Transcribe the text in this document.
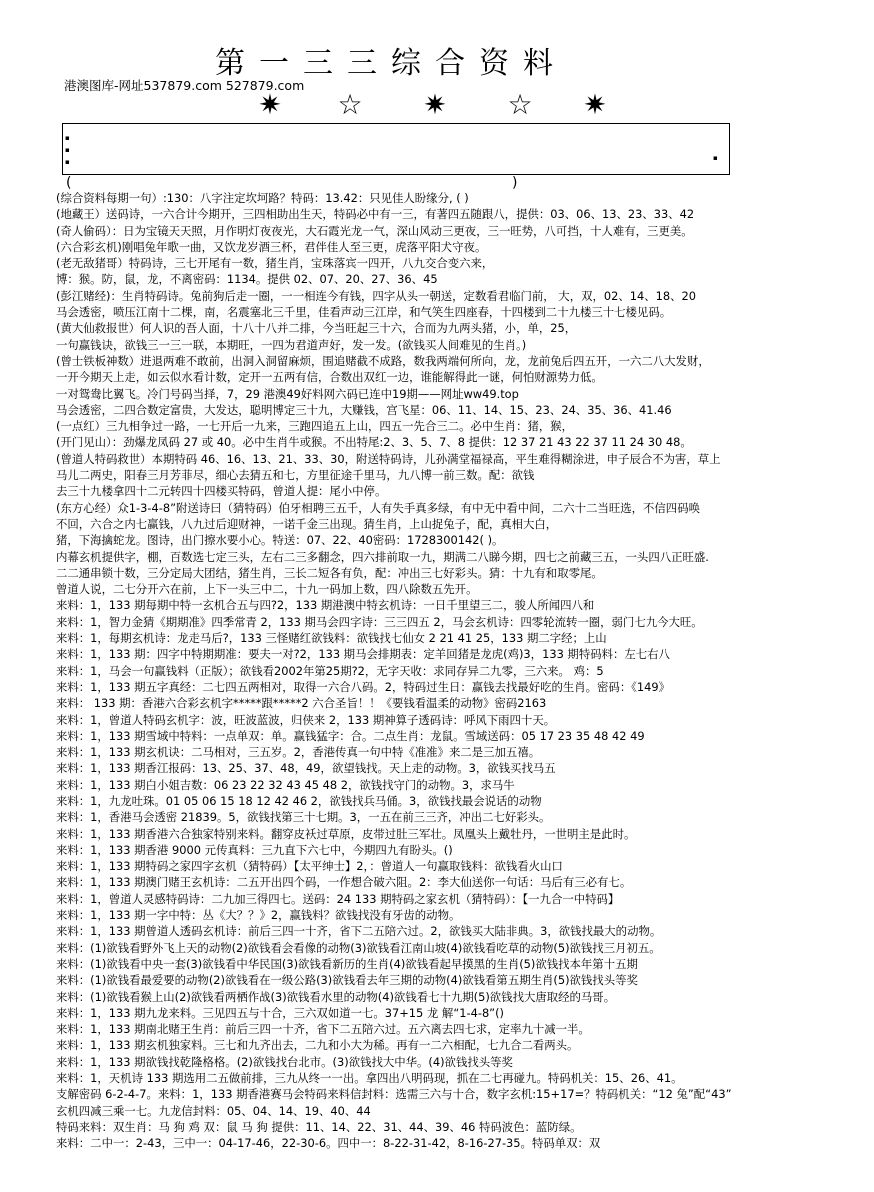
第一三三综合资料
港澳图库-网址537879.com 527879.com
✷ ☆ ✷ ☆ ✷
▪
▪
▪	▪
(	)
(综合资料每期一句）:130：八字注定坎坷路？特码：13.42：只见佳人盼缘分, ( )
(地藏王）送码诗，一六合计今期开，三四相助出生天，特码必中有一三，有著四五随跟八，提供：03、06、13、23、33、42
(奇人偷码）：日为宝镜天天照，月作明灯夜夜光，大石霞光龙一气，深山风动三更夜，三一旺势，八可挡，十人难有，三更美。
(六合彩玄机)刚唱兔年歌一曲，又饮龙岁酒三杯，君伴佳人至三更，虎落平阳犬守夜。
(老无敌猪哥）特码诗，三七开尾有一数，猪生肖，宝珠落宾一四开，八九交合变六来，
博：猴。防，鼠，龙，不离密码：1134。提供 02、07、20、27、36、45
(彭江赌经)：生肖特码诗。兔前狗后走一圈，一一相连今有钱，四字从头一朝送，定数看君临门前， 大，双，02、14、18、20
马会透密，喷压江南十二棵，南，名震塞北三千里，佳看声动三江岸，和气笑生四座春，十四楼到二十九楼三十七楼见码。
(黄大仙救报世）何人识的吾人面，十八十八并二排，今当旺起三十六，合而为九两头猪，小，单，25，
一句赢钱诀，欲钱三一三一联，本期旺，一四为君道声好，发一发。(欲钱买人间难见的生肖。)
(曾士铁板神数）进退两难不敢前，出洞入洞留麻烦，围追赌截不成路，数我两端何所向，龙，龙前兔后四五开，一六二八大发财，
一开今期天上走，如云似水看计数，定开一五两有信，合数出双红一边，谁能解得此一谜，何怕财源势力低。
一对鸳鸯比翼飞。冷门号码当择，7，29 港澳49好料网六码已连中19期——网址ww49.top
马会透密，二四合数定富贵，大发达，聪明博定三十九，大赚钱，宫飞星：06、11、14、15、23、24、35、36、41.46
(一点红）三九相争过一路，一七开后一九来，三跑四追五上山，四五一先合三二。必中生肖：猪，猴，
(开门见山）：劲爆龙凤码 27 或 40。必中生肖牛或猴。不出特尾:2、3、5、7、8 提供：12 37 21 43 22 37 11 24 30 48。
(曾道人特码救世）本期特码 46、16、13、21、33、30，附送特码诗，儿孙满堂福禄高，平生难得糊涂进，申子辰合不为害，草上
马儿二两史，阳春三月芳菲尽，细心去猜五和七，方里征途千里马，九八博一前三数。配：欲钱
去三十九楼拿四十二元转四十四楼买特码，曾道人提：尾小中停。
(东方心经）众1-3-4-8”附送诗曰（猜特码）伯牙相聘三五千，人有失手真多绿，有中无中看中间，二六十二当旺选，不信四码唤
不回，六合之内七赢钱，八九过后迎财神，一诺千金三出现。猜生肖，上山捉兔子，配，真相大白，
猪，下海擒蛇龙。图诗，出门擦水要小心。特送：07、22、40密码：1728300142( )。
内幕玄机提供字，棚，百数选七定三头，左右二三多翻念，四六排前取一九，期满二八睇今期，四七之前藏三五，一头四八正旺盛.
二二通串锁十数，三分定局大团结，猪生肖，三长二短各有负，配：冲出三七好彩头。猜：十九有和取零尾。
曾道人说，二七分开六在前，上下一头三中二，十九一码加上数，四八除数五先开。
来料：1，133 期每期中特一玄机合五与四?2，133 期港澳中特玄机诗：一日千里望三二，骏人所闻四八和
来料：1，智力金猜《期期准》四季常青 2，133 期马会四字诗：三三四五 2，马会玄机诗：四零轮流转一圈，弱门七九今大旺。
来料：1，每期玄机诗：龙走马后?，133 三怪赌红欲钱料：欲钱找七仙女 2 21 41 25，133 期二字经；上山
来料：1，133 期：四字中特期期准：要夫一对?2，133 期马会排期表：定羊回猪是龙虎(鸡)3，133 期特码料：左七右八
来料：1，马会一句赢钱料（正版）；欲钱看2002年第25期?2，无字天收：求同存异二九零，三六来。 鸡：5
来料：1，133 期五字真经：二七四五两相对，取得一六合八码。2，特码过生日：赢钱去找最好吃的生肖。密码：《149》
来料： 133 期：香港六合彩玄机字*****跟*****2 六合圣旨！！《要钱看温柔的动物》密码2163
来料：1，曾道人特码玄机字：波，旺波蓝波，归侠来 2，133 期神算子透码诗：呼风下雨四十天。
来料：1，133 期雪域中特料：一点单双：单。赢钱猛字：合。二点生肖：龙鼠。雪域送码：05 17 23 35 48 42 49
来料：1，133 期玄机诀：二马相对，三五岁。2，香港传真一句中特《准准》来二是三加五禧。
来料：1，133 期香江报码：13、25、37、48，49，欲望钱找。天上走的动物。3，欲钱买找马五
来料：1，133 期白小姐吉数：06 23 22 32 43 45 48 2，欲钱找守门的动物。3，求马牛
来料：1，九龙吐珠。01 05 06 15 18 12 42 46 2，欲钱找兵马俑。3，欲钱找最会说话的动物
来料：1，香港马会透密 21839。5，欲钱找第三十七期。3，一五在前三三齐，冲出二七好彩头。
来料：1，133 期香港六合独家特别来料。翻穿皮袄过草原，皮带过肚三军壮。凤凰头上戴牡丹，一世明主是此时。
来料：1，133 期香港 9000 元传真料：三九直下六七中，今期四九有盼头。()
来料：1，133 期特码之家四字玄机（猜特码）【太平绅士】2，：曾道人一句赢取钱料：欲钱看火山口
来料：1，133 期澳门赌王玄机诗：二五开出四个码，一作想合破六阻。2：李大仙送你一句话：马后有三必有七。
来料：1，曾道人灵感特码诗：二九加三得四七。送码：24 133 期特码之家玄机（猜特码）：【一九合一中特码】
来料：1，133 期一字中特：丛《大？？》2，赢钱料？欲钱找没有牙齿的动物。
来料：1，133 期曾道人透码玄机诗：前后三四一十齐，省下二五陪六过。2，欲钱买大陆非典。3，欲钱找最大的动物。
来料：(1)欲钱看野外飞上天的动物(2)欲钱看会看像的动物(3)欲钱看江南山坡(4)欲钱看吃草的动物(5)欲钱找三月初五。
来料：(1)欲钱看中央一套(3)欲钱看中华民国(3)欲钱看新历的生肖(4)欲钱看起早摸黑的生肖(5)欲钱找本年第十五期
来料：(1)欲钱看最爱要的动物(2)欲钱看在一级公路(3)欲钱看去年三期的动物(4)欲钱看第五期生肖(5)欲钱找头等奖
来料：(1)欲钱看猴上山(2)欲钱看两栖作战(3)欲钱看水里的动物(4)欲钱看七十九期(5)欲钱找大唐取经的马哥。
来料：1，133 期九龙来料。三见四五与十合，三六双如道一七。37+15 龙 解“1-4-8”()
来料：1，133 期南北赌王生肖：前后三四一十齐，省下二五陪六过。五六离去四七求，定率九十减一半。
来料：1，133 期玄机独家料。三七和九齐出去，二九和小大为稀。再有一二六相配，七九合二看两头。
来料：1，133 期欲钱找乾隆格格。(2)欲钱找台北市。(3)欲钱找大中华。(4)欲钱找头等奖
来料：1，天机诗 133 期选用二五做前排，三九从终一一出。拿四出八明码现，抓在二七再碰九。特码机关：15、26、41。
支解密码 6-2-4-7。来料：1，133 期香港赛马会特码来料信封料：选需三六与十合，数字玄机:15+17=？特码机关：“12 兔”配“43”
玄机四减三乘一七。九龙信封料：05、04、14、19、40、44
特码来料：双生肖：马 狗 鸡 双：鼠 马 狗 提供：11、14、22、31、44、39、46 特码波色：蓝防绿。
来料：二中一：2-43，三中一：04-17-46，22-30-6。四中一：8-22-31-42，8-16-27-35。特码单双：双
